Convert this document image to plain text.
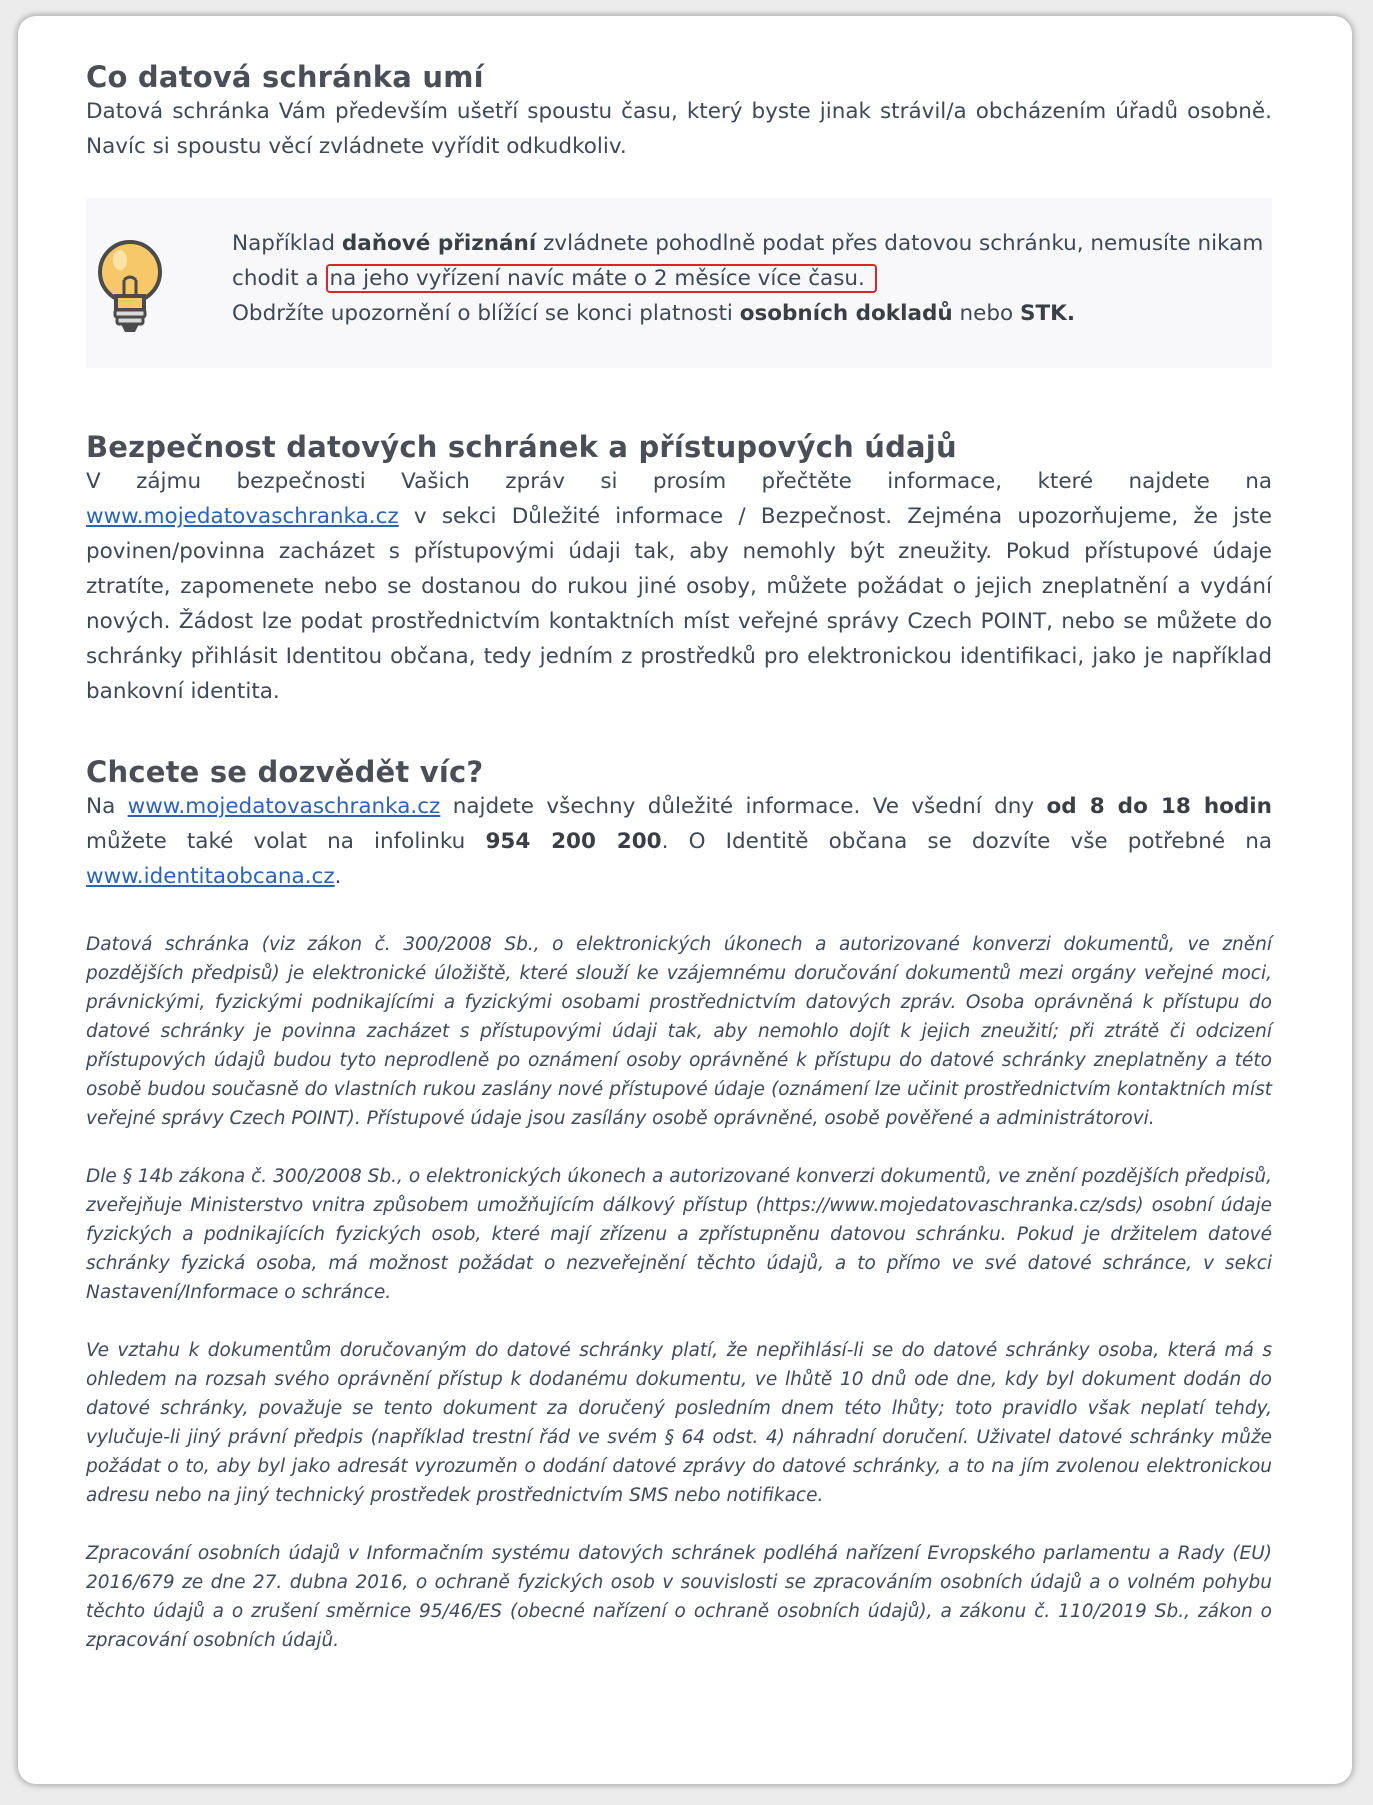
Co datová schránka umí

Datová schránka Vám především ušetří spoustu času, který byste jinak strávil/a obcházením úřadů osobně. Navíc si spoustu věcí zvládnete vyřídit odkudkoliv.

Například daňové přiznání zvládnete pohodlně podat přes datovou schránku, nemusíte nikam chodit a na jeho vyřízení navíc máte o 2 měsíce více času.
Obdržíte upozornění o blížící se konci platnosti osobních dokladů nebo STK.
Bezpečnost datových schránek a přístupových údajů

V zájmu bezpečnosti Vašich zpráv si prosím přečtěte informace, které najdete na www.mojedatovaschranka.cz v sekci Důležité informace / Bezpečnost. Zejména upozorňujeme, že jste povinen/povinna zacházet s přístupovými údaji tak, aby nemohly být zneužity. Pokud přístupové údaje ztratíte, zapomenete nebo se dostanou do rukou jiné osoby, můžete požádat o jejich zneplatnění a vydání nových. Žádost lze podat prostřednictvím kontaktních míst veřejné správy Czech POINT, nebo se můžete do schránky přihlásit Identitou občana, tedy jedním z prostředků pro elektronickou identifikaci, jako je například bankovní identita.

Chcete se dozvědět víc?

Na www.mojedatovaschranka.cz najdete všechny důležité informace. Ve všední dny od 8 do 18 hodin můžete také volat na infolinku 954 200 200. O Identitě občana se dozvíte vše potřebné na www.identitaobcana.cz.

Datová schránka (viz zákon č. 300/2008 Sb., o elektronických úkonech a autorizované konverzi dokumentů, ve znění pozdějších předpisů) je elektronické úložiště, které slouží ke vzájemnému doručování dokumentů mezi orgány veřejné moci, právnickými, fyzickými podnikajícími a fyzickými osobami prostřednictvím datových zpráv. Osoba oprávněná k přístupu do datové schránky je povinna zacházet s přístupovými údaji tak, aby nemohlo dojít k jejich zneužití; při ztrátě či odcizení přístupových údajů budou tyto neprodleně po oznámení osoby oprávněné k přístupu do datové schránky zneplatněny a této osobě budou současně do vlastních rukou zaslány nové přístupové údaje (oznámení lze učinit prostřednictvím kontaktních míst veřejné správy Czech POINT). Přístupové údaje jsou zasílány osobě oprávněné, osobě pověřené a administrátorovi.

Dle § 14b zákona č. 300/2008 Sb., o elektronických úkonech a autorizované konverzi dokumentů, ve znění pozdějších předpisů, zveřejňuje Ministerstvo vnitra způsobem umožňujícím dálkový přístup (https://www.mojedatovaschranka.cz/sds) osobní údaje fyzických a podnikajících fyzických osob, které mají zřízenu a zpřístupněnu datovou schránku. Pokud je držitelem datové schránky fyzická osoba, má možnost požádat o nezveřejnění těchto údajů, a to přímo ve své datové schránce, v sekci Nastavení/Informace o schránce.

Ve vztahu k dokumentům doručovaným do datové schránky platí, že nepřihlásí-li se do datové schránky osoba, která má s ohledem na rozsah svého oprávnění přístup k dodanému dokumentu, ve lhůtě 10 dnů ode dne, kdy byl dokument dodán do datové schránky, považuje se tento dokument za doručený posledním dnem této lhůty; toto pravidlo však neplatí tehdy, vylučuje-li jiný právní předpis (například trestní řád ve svém § 64 odst. 4) náhradní doručení. Uživatel datové schránky může požádat o to, aby byl jako adresát vyrozuměn o dodání datové zprávy do datové schránky, a to na jím zvolenou elektronickou adresu nebo na jiný technický prostředek prostřednictvím SMS nebo notifikace.

Zpracování osobních údajů v Informačním systému datových schránek podléhá nařízení Evropského parlamentu a Rady (EU) 2016/679 ze dne 27. dubna 2016, o ochraně fyzických osob v souvislosti se zpracováním osobních údajů a o volném pohybu těchto údajů a o zrušení směrnice 95/46/ES (obecné nařízení o ochraně osobních údajů), a zákonu č. 110/2019 Sb., zákon o zpracování osobních údajů.
